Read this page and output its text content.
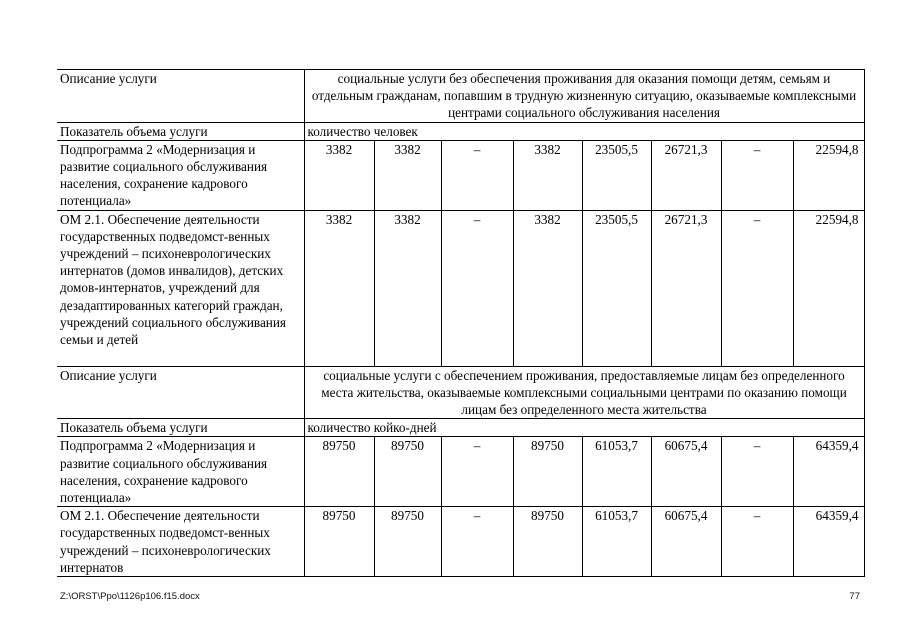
Описание услуги	социальные услуги без обеспечения проживания для оказания помощи детям, семьям и отдельным гражданам, попавшим в трудную жизненную ситуацию, оказываемые комплексными центрами социального обслуживания населения							
Показатель объема услуги	количество человек							
Подпрограмма 2 «Модернизация и развитие социального обслуживания населения, сохранение кадрового потенциала»	3382	3382	–	3382	23505,5	26721,3	–	22594,8
ОМ 2.1. Обеспечение деятельности государственных подведомст-венных учреждений – психоневрологических интернатов (домов инвалидов), детских домов-интернатов, учреждений для дезадаптированных категорий граждан, учреждений социального обслуживания семьи и детей	3382	3382	–	3382	23505,5	26721,3	–	22594,8
Описание услуги	социальные услуги с обеспечением проживания, предоставляемые лицам без определенного места жительства, оказываемые комплексными социальными центрами по оказанию помощи лицам без определенного места жительства							
Показатель объема услуги	количество койко-дней							
Подпрограмма 2 «Модернизация и развитие социального обслуживания населения, сохранение кадрового потенциала»	89750	89750	–	89750	61053,7	60675,4	–	64359,4
ОМ 2.1. Обеспечение деятельности государственных подведомст-венных учреждений – психоневрологических интернатов	89750	89750	–	89750	61053,7	60675,4	–	64359,4
Z:\ORST\Ppo\1126p106.f15.docx	77
